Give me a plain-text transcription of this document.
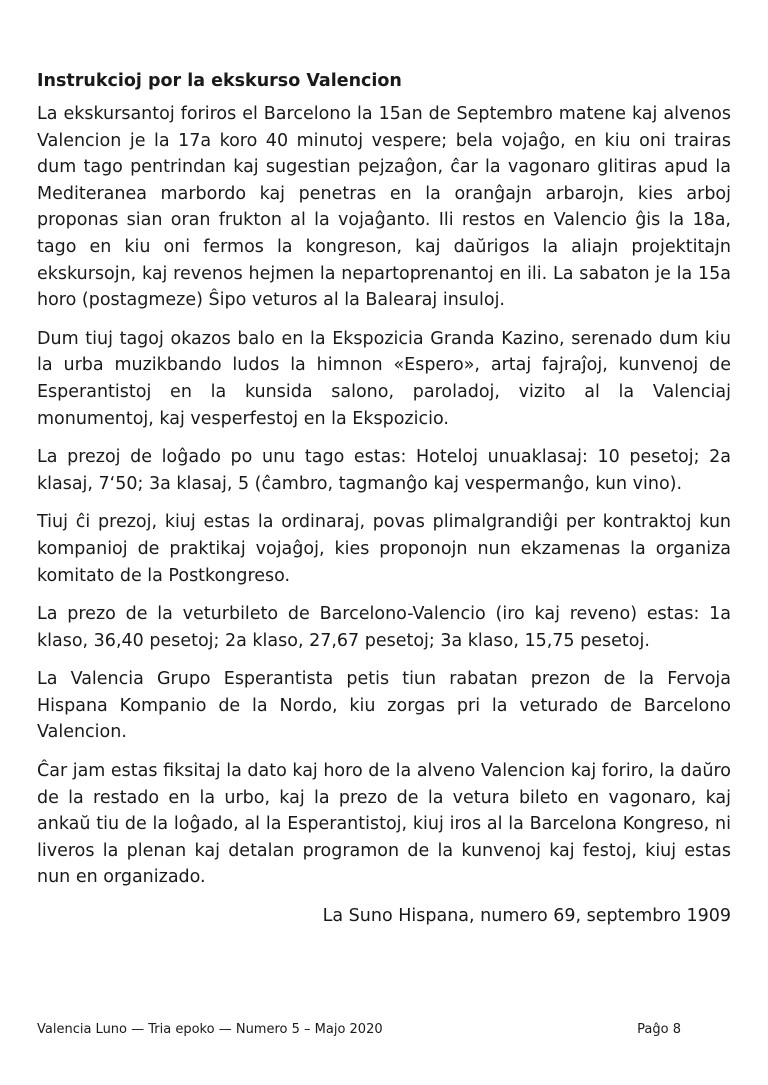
Instrukcioj por la ekskurso Valencion

La ekskursantoj foriros el Barcelono la 15an de Septembro matene kaj alvenos Valencion je la 17a koro 40 minutoj vespere; bela vojaĝo, en kiu oni trairas dum tago pentrindan kaj sugestian pejzaĝon, ĉar la vagonaro glitiras apud la Mediteranea marbordo kaj penetras en la oranĝajn arbarojn, kies arboj proponas sian oran frukton al la vojaĝanto. Ili restos en Valencio ĝis la 18a, tago en kiu oni fermos la kongreson, kaj daŭrigos la aliajn projektitajn ekskursojn, kaj revenos hejmen la nepartoprenantoj en ili. La sabaton je la 15a horo (postagmeze) Ŝipo veturos al la Balearaj insuloj.

Dum tiuj tagoj okazos balo en la Ekspozicia Granda Kazino, serenado dum kiu la urba muzikbando ludos la himnon «Espero», artaj fajraĵoj, kunvenoj de Esperantistoj en la kunsida salono, paroladoj, vizito al la Valenciaj monumentoj, kaj vesperfestoj en la Ekspozicio.

La prezoj de loĝado po unu tago estas: Hoteloj unuaklasaj: 10 pesetoj; 2a klasaj, 7‘50; 3a klasaj, 5 (ĉambro, tagmanĝo kaj vespermanĝo, kun vino).

Tiuj ĉi prezoj, kiuj estas la ordinaraj, povas plimalgrandiĝi per kontraktoj kun kompanioj de praktikaj vojaĝoj, kies proponojn nun ekzamenas la organiza komitato de la Postkongreso.

La prezo de la veturbileto de Barcelono-Valencio (iro kaj reveno) estas: 1a klaso, 36,40 pesetoj; 2a klaso, 27,67 pesetoj; 3a klaso, 15,75 pesetoj.

La Valencia Grupo Esperantista petis tiun rabatan prezon de la Fervoja Hispana Kompanio de la Nordo, kiu zorgas pri la veturado de Barcelono Valencion.

Ĉar jam estas fiksitaj la dato kaj horo de la alveno Valencion kaj foriro, la daŭro de la restado en la urbo, kaj la prezo de la vetura bileto en vagonaro, kaj ankaŭ tiu de la loĝado, al la Esperantistoj, kiuj iros al la Barcelona Kongreso, ni liveros la plenan kaj detalan programon de la kunvenoj kaj festoj, kiuj estas nun en organizado.

La Suno Hispana, numero 69, septembro 1909

Valencia Luno — Tria epoko — Numero 5 – Majo 2020	Paĝo 8
